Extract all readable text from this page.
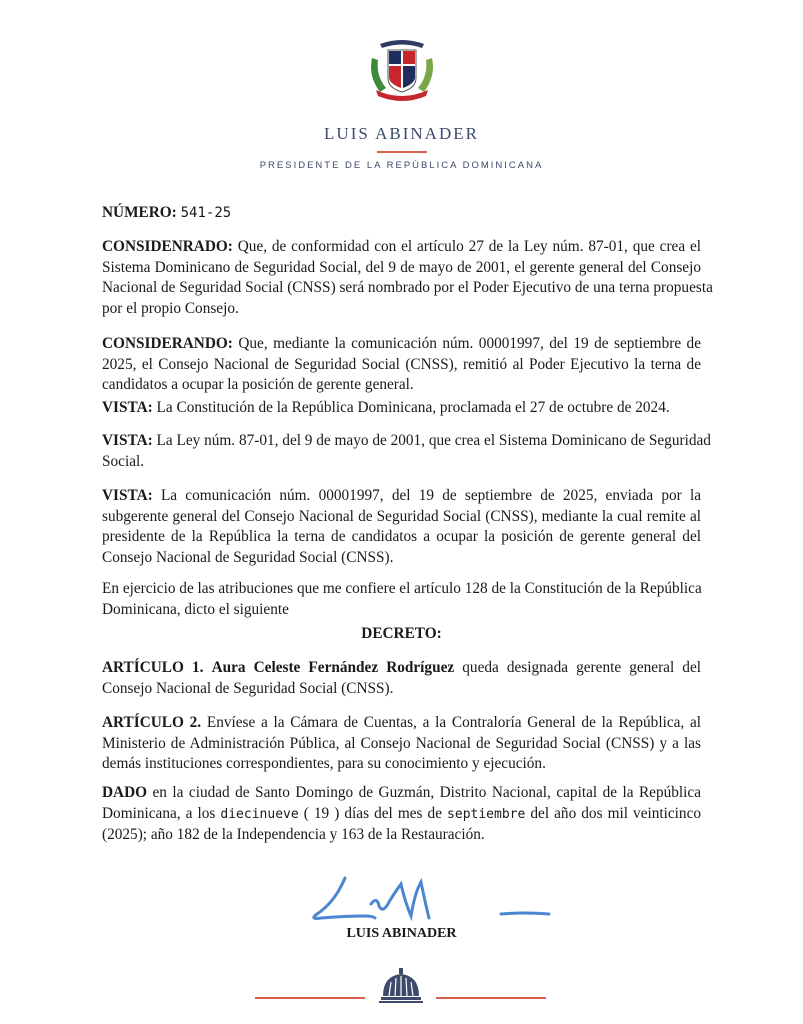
LUIS ABINADER
PRESIDENTE DE LA REPÚBLICA DOMINICANA
NÚMERO: 541-25
CONSIDENRADO: Que, de conformidad con el artículo 27 de la Ley núm. 87-01, que crea el
Sistema Dominicano de Seguridad Social, del 9 de mayo de 2001, el gerente general del Consejo
Nacional de Seguridad Social (CNSS) será nombrado por el Poder Ejecutivo de una terna propuesta
por el propio Consejo.
CONSIDERANDO: Que, mediante la comunicación núm. 00001997, del 19 de septiembre de
2025, el Consejo Nacional de Seguridad Social (CNSS), remitió al Poder Ejecutivo la terna de
candidatos a ocupar la posición de gerente general.
VISTA: La Constitución de la República Dominicana, proclamada el 27 de octubre de 2024.
VISTA: La Ley núm. 87-01, del 9 de mayo de 2001, que crea el Sistema Dominicano de Seguridad
Social.
VISTA: La comunicación núm. 00001997, del 19 de septiembre de 2025, enviada por la
subgerente general del Consejo Nacional de Seguridad Social (CNSS), mediante la cual remite al
presidente de la República la terna de candidatos a ocupar la posición de gerente general del
Consejo Nacional de Seguridad Social (CNSS).
En ejercicio de las atribuciones que me confiere el artículo 128 de la Constitución de la República
Dominicana, dicto el siguiente
DECRETO:
ARTÍCULO 1. Aura Celeste Fernández Rodríguez queda designada gerente general del
Consejo Nacional de Seguridad Social (CNSS).
ARTÍCULO 2. Envíese a la Cámara de Cuentas, a la Contraloría General de la República, al
Ministerio de Administración Pública, al Consejo Nacional de Seguridad Social (CNSS) y a las
demás instituciones correspondientes, para su conocimiento y ejecución.
DADO en la ciudad de Santo Domingo de Guzmán, Distrito Nacional, capital de la República
Dominicana, a los diecinueve ( 19 ) días del mes de septiembre del año dos mil veinticinco
(2025); año 182 de la Independencia y 163 de la Restauración.
LUIS ABINADER
